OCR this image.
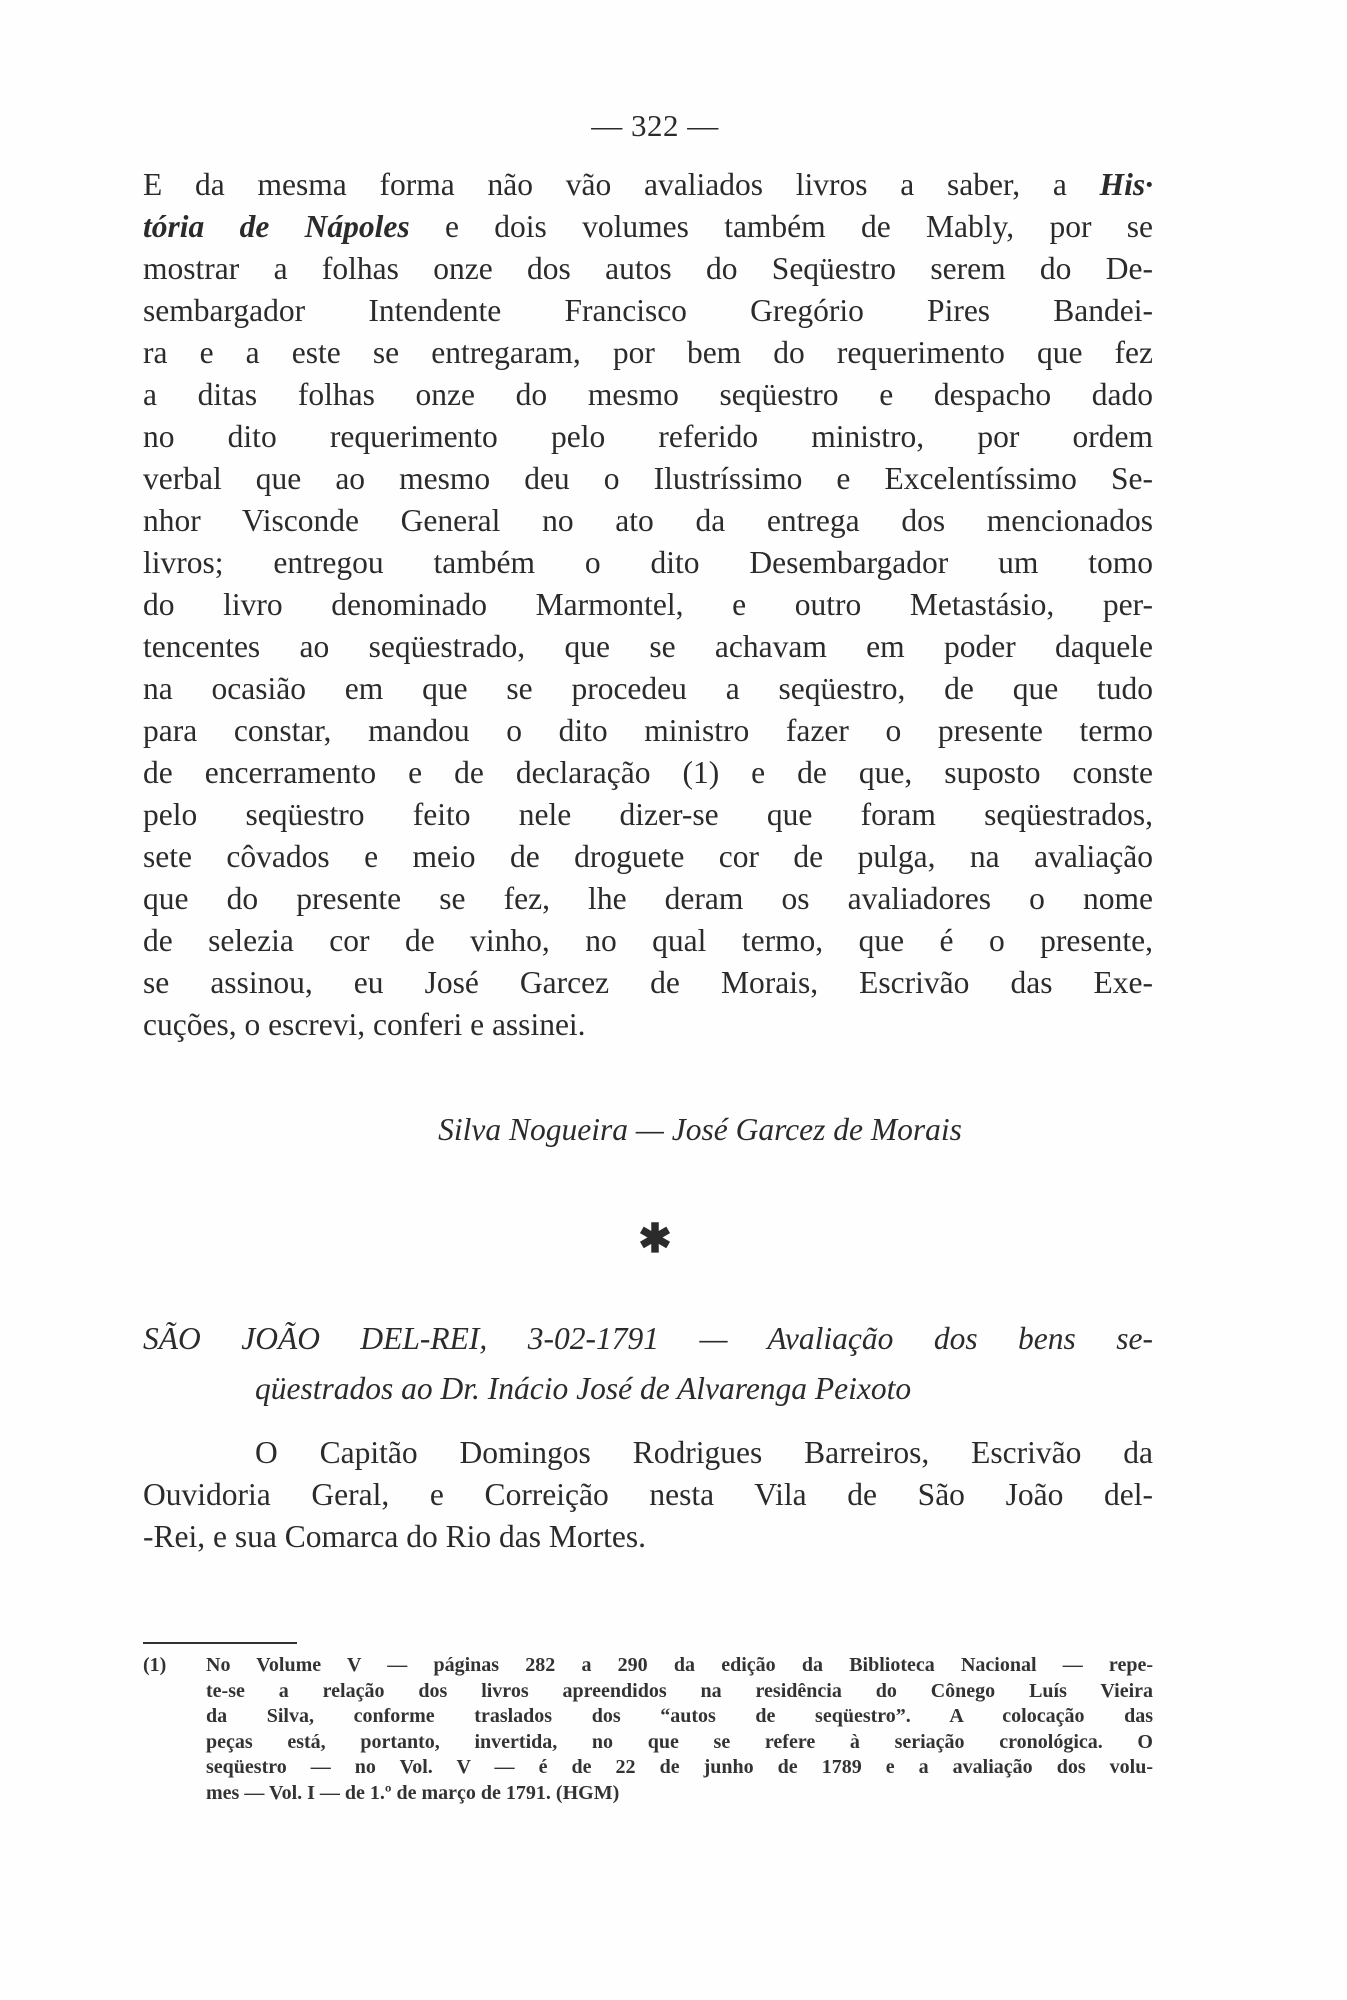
— 322 —
E da mesma forma não vão avaliados livros a saber, a His·
tória de Nápoles e dois volumes também de Mably, por se
mostrar a folhas onze dos autos do Seqüestro serem do De-
sembargador Intendente Francisco Gregório Pires Bandei-
ra e a este se entregaram, por bem do requerimento que fez
a ditas folhas onze do mesmo seqüestro e despacho dado
no dito requerimento pelo referido ministro, por ordem
verbal que ao mesmo deu o Ilustríssimo e Excelentíssimo Se-
nhor Visconde General no ato da entrega dos mencionados
livros; entregou também o dito Desembargador um tomo
do livro denominado Marmontel, e outro Metastásio, per-
tencentes ao seqüestrado, que se achavam em poder daquele
na ocasião em que se procedeu a seqüestro, de que tudo
para constar, mandou o dito ministro fazer o presente termo
de encerramento e de declaração (1) e de que, suposto conste
pelo seqüestro feito nele dizer-se que foram seqüestrados,
sete côvados e meio de droguete cor de pulga, na avaliação
que do presente se fez, lhe deram os avaliadores o nome
de selezia cor de vinho, no qual termo, que é o presente,
se assinou, eu José Garcez de Morais, Escrivão das Exe-
cuções, o escrevi, conferi e assinei.
Silva Nogueira — José Garcez de Morais
✱
SÃO JOÃO DEL-REI, 3-02-1791 — Avaliação dos bens se-
qüestrados ao Dr. Inácio José de Alvarenga Peixoto
O Capitão Domingos Rodrigues Barreiros, Escrivão da
Ouvidoria Geral, e Correição nesta Vila de São João del-
-Rei, e sua Comarca do Rio das Mortes.
(1) No Volume V — páginas 282 a 290 da edição da Biblioteca Nacional — repe-
te-se a relação dos livros apreendidos na residência do Cônego Luís Vieira
da Silva, conforme traslados dos “autos de seqüestro”. A colocação das
peças está, portanto, invertida, no que se refere à seriação cronológica. O
seqüestro — no Vol. V — é de 22 de junho de 1789 e a avaliação dos volu-
mes — Vol. I — de 1.º de março de 1791. (HGM)
